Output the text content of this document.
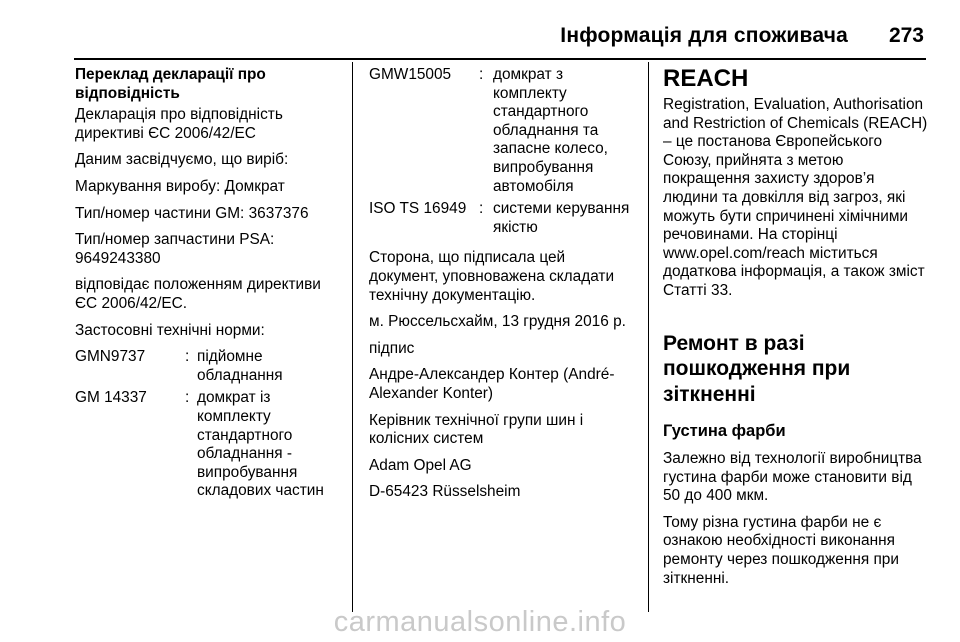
Інформація для споживача 273
Переклад декларації про відповідність
Декларація про відповідність директиві ЄС 2006/42/EC
Даним засвідчуємо, що виріб:
Маркування виробу: Домкрат
Тип/номер частини GM: 3637376
Тип/номер запчастини PSA: 9649243380
відповідає положенням директиви ЄС 2006/42/EC.
Застосовні технічні норми:
GMN9737	: підйомне обладнання
GM 14337	: домкрат із комплекту стандартного обладнання - випробування складових частин
GMW15005	: домкрат з комплекту стандартного обладнання та запасне колесо, випробування автомобіля
ISO TS 16949 : системи керування якістю
Сторона, що підписала цей документ, уповноважена складати технічну документацію.
м. Рюссельсхайм, 13 грудня 2016 р.
підпис
Андре-Александер Контер (André-Alexander Konter)
Керівник технічної групи шин і колісних систем
Adam Opel AG
D-65423 Rüsselsheim
REACH
Registration, Evaluation, Authorisation and Restriction of Chemicals (REACH) – це постанова Європейського Союзу, прийнята з метою покращення захисту здоров’я людини та довкілля від загроз, які можуть бути спричинені хімічними речовинами. На сторінці www.opel.com/reach міститься додаткова інформація, а також зміст Статті 33.
Ремонт в разі пошкодження при зіткненні
Густина фарби
Залежно від технології виробництва густина фарби може становити від 50 до 400 мкм.
Тому різна густина фарби не є ознакою необхідності виконання ремонту через пошкодження при зіткненні.
carmanualsonline.info
